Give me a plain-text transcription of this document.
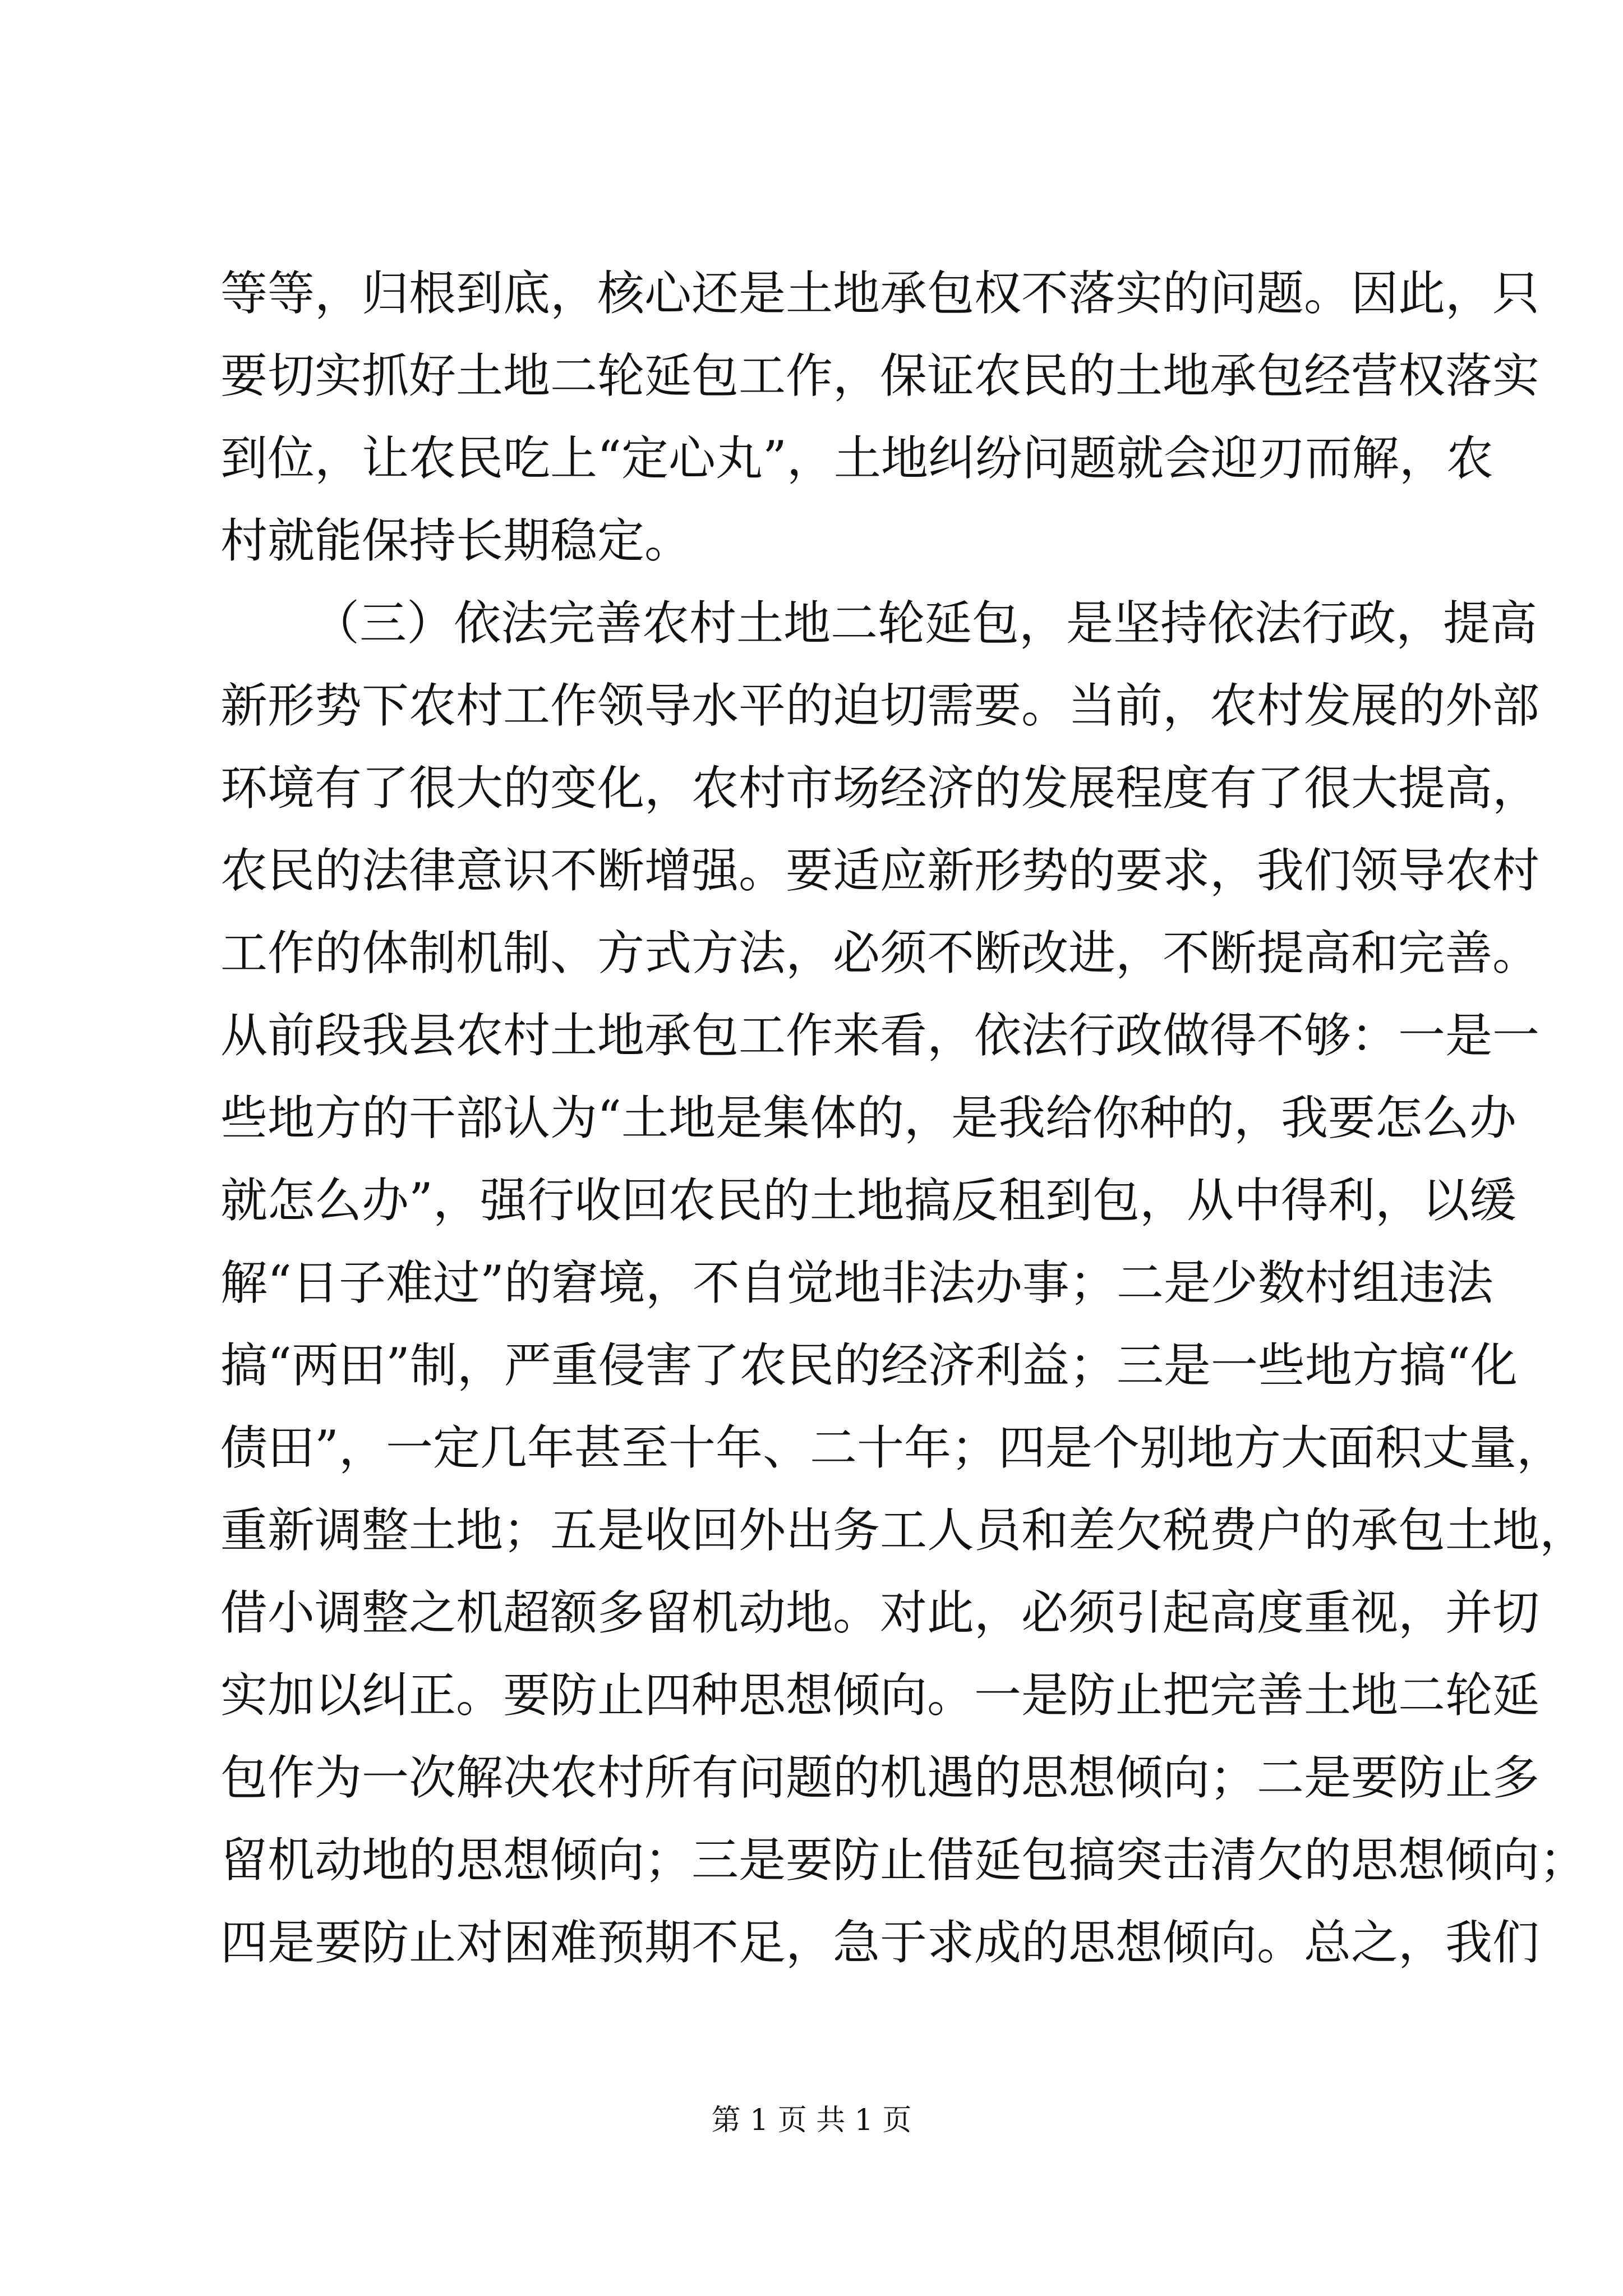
等等，归根到底，核心还是土地承包权不落实的问题。因此，只
要切实抓好土地二轮延包工作，保证农民的土地承包经营权落实
到位，让农民吃上“定心丸”，土地纠纷问题就会迎刃而解，农
村就能保持长期稳定。
（三）依法完善农村土地二轮延包，是坚持依法行政，提高
新形势下农村工作领导水平的迫切需要。当前，农村发展的外部
环境有了很大的变化，农村市场经济的发展程度有了很大提高，
农民的法律意识不断增强。要适应新形势的要求，我们领导农村
工作的体制机制、方式方法，必须不断改进，不断提高和完善。
从前段我县农村土地承包工作来看，依法行政做得不够：一是一
些地方的干部认为“土地是集体的，是我给你种的，我要怎么办
就怎么办”，强行收回农民的土地搞反租到包，从中得利，以缓
解“日子难过”的窘境，不自觉地非法办事；二是少数村组违法
搞“两田”制，严重侵害了农民的经济利益；三是一些地方搞“化
债田”，一定几年甚至十年、二十年；四是个别地方大面积丈量，
重新调整土地；五是收回外出务工人员和差欠税费户的承包土地，
借小调整之机超额多留机动地。对此，必须引起高度重视，并切
实加以纠正。要防止四种思想倾向。一是防止把完善土地二轮延
包作为一次解决农村所有问题的机遇的思想倾向；二是要防止多
留机动地的思想倾向；三是要防止借延包搞突击清欠的思想倾向；
四是要防止对困难预期不足，急于求成的思想倾向。总之，我们
第 1 页 共 1 页
